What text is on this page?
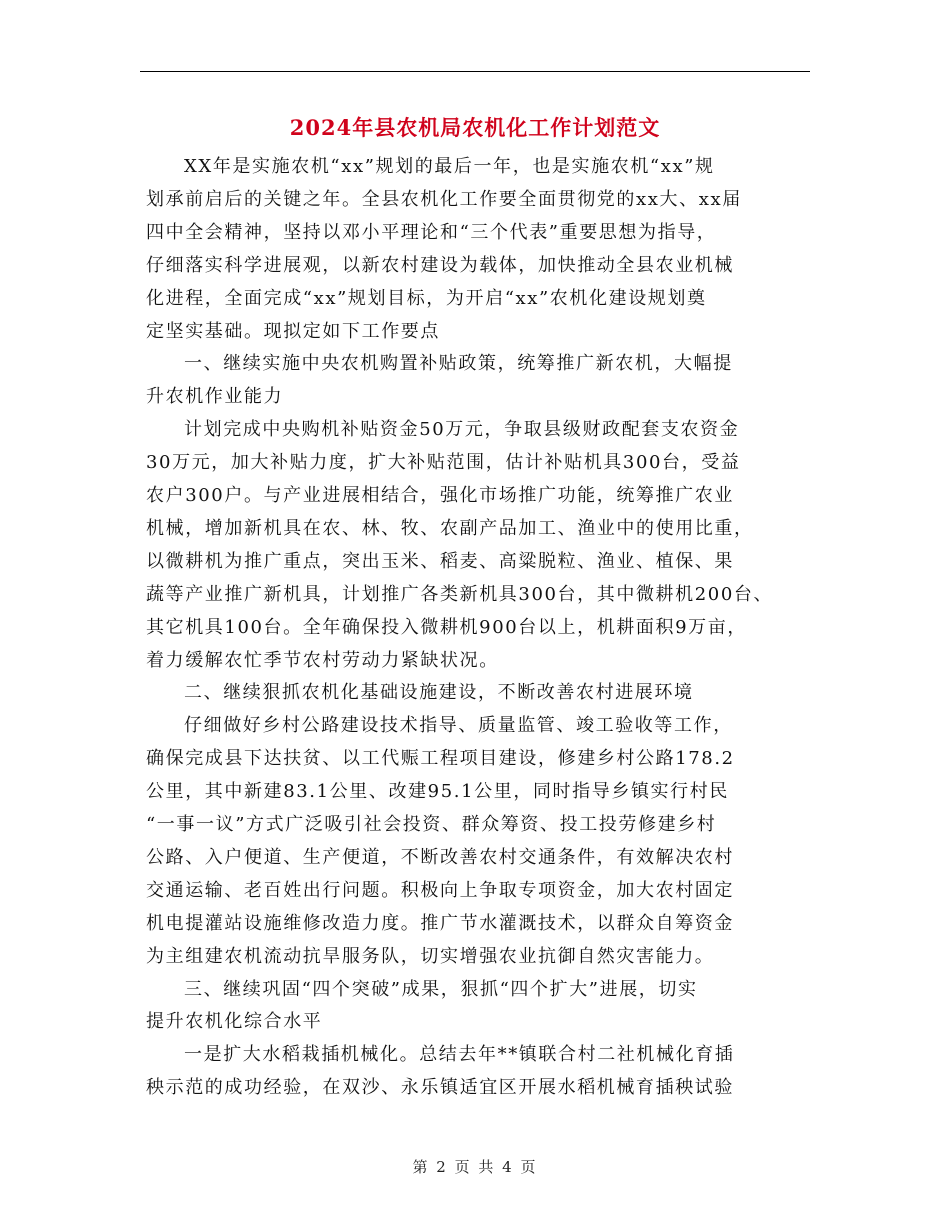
2024年县农机局农机化工作计划范文
XX年是实施农机“xx”规划的最后一年，也是实施农机“xx”规
划承前启后的关键之年。全县农机化工作要全面贯彻党的xx大、xx届
四中全会精神，坚持以邓小平理论和“三个代表”重要思想为指导，
仔细落实科学进展观，以新农村建设为载体，加快推动全县农业机械
化进程，全面完成“xx”规划目标，为开启“xx”农机化建设规划奠
定坚实基础。现拟定如下工作要点
一、继续实施中央农机购置补贴政策，统筹推广新农机，大幅提
升农机作业能力
计划完成中央购机补贴资金50万元，争取县级财政配套支农资金
30万元，加大补贴力度，扩大补贴范围，估计补贴机具300台，受益
农户300户。与产业进展相结合，强化市场推广功能，统筹推广农业
机械，增加新机具在农、林、牧、农副产品加工、渔业中的使用比重，
以微耕机为推广重点，突出玉米、稻麦、高粱脱粒、渔业、植保、果
蔬等产业推广新机具，计划推广各类新机具300台，其中微耕机200台、
其它机具100台。全年确保投入微耕机900台以上，机耕面积9万亩，
着力缓解农忙季节农村劳动力紧缺状况。
二、继续狠抓农机化基础设施建设，不断改善农村进展环境
仔细做好乡村公路建设技术指导、质量监管、竣工验收等工作，
确保完成县下达扶贫、以工代赈工程项目建设，修建乡村公路178.2
公里，其中新建83.1公里、改建95.1公里，同时指导乡镇实行村民
“一事一议”方式广泛吸引社会投资、群众筹资、投工投劳修建乡村
公路、入户便道、生产便道，不断改善农村交通条件，有效解决农村
交通运输、老百姓出行问题。积极向上争取专项资金，加大农村固定
机电提灌站设施维修改造力度。推广节水灌溉技术，以群众自筹资金
为主组建农机流动抗旱服务队，切实增强农业抗御自然灾害能力。
三、继续巩固“四个突破”成果，狠抓“四个扩大”进展，切实
提升农机化综合水平
一是扩大水稻栽插机械化。总结去年**镇联合村二社机械化育插
秧示范的成功经验，在双沙、永乐镇适宜区开展水稻机械育插秧试验
第 2 页 共 4 页
